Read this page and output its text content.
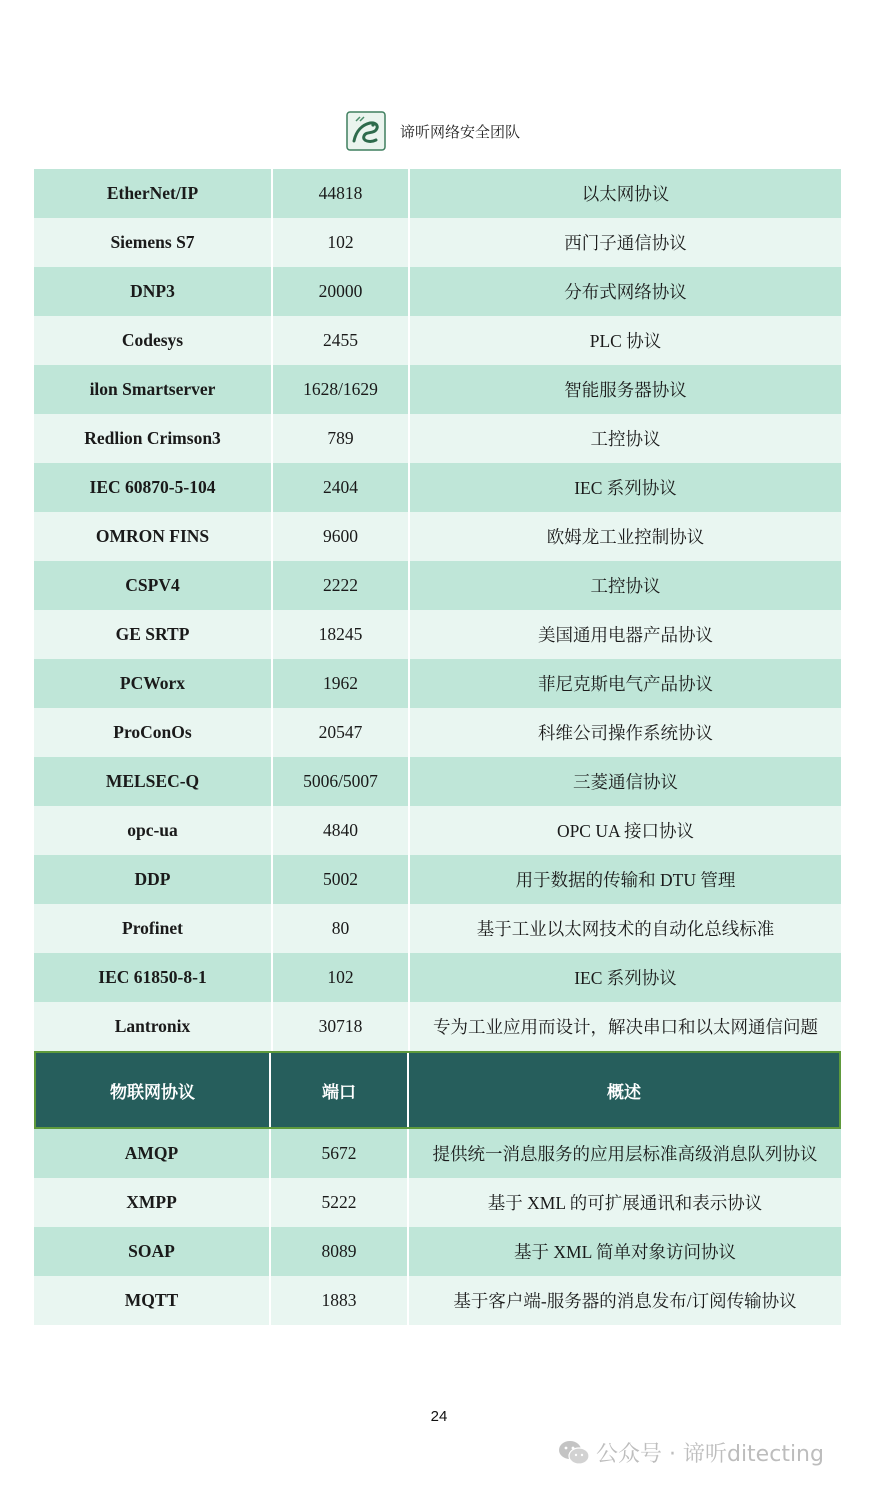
谛听网络安全团队
EtherNet/IP	44818	以太网协议
Siemens S7	102	西门子通信协议
DNP3	20000	分布式网络协议
Codesys	2455	PLC 协议
ilon Smartserver	1628/1629	智能服务器协议
Redlion Crimson3	789	工控协议
IEC 60870-5-104	2404	IEC 系列协议
OMRON FINS	9600	欧姆龙工业控制协议
CSPV4	2222	工控协议
GE SRTP	18245	美国通用电器产品协议
PCWorx	1962	菲尼克斯电气产品协议
ProConOs	20547	科维公司操作系统协议
MELSEC-Q	5006/5007	三菱通信协议
opc-ua	4840	OPC UA 接口协议
DDP	5002	用于数据的传输和 DTU 管理
Profinet	80	基于工业以太网技术的自动化总线标准
IEC 61850-8-1	102	IEC 系列协议
Lantronix	30718	专为工业应用而设计，解决串口和以太网通信问题
物联网协议	端口	概述
AMQP	5672	提供统一消息服务的应用层标准高级消息队列协议
XMPP	5222	基于 XML 的可扩展通讯和表示协议
SOAP	8089	基于 XML 简单对象访问协议
MQTT	1883	基于客户端-服务器的消息发布/订阅传输协议
24
公众号 · 谛听ditecting
